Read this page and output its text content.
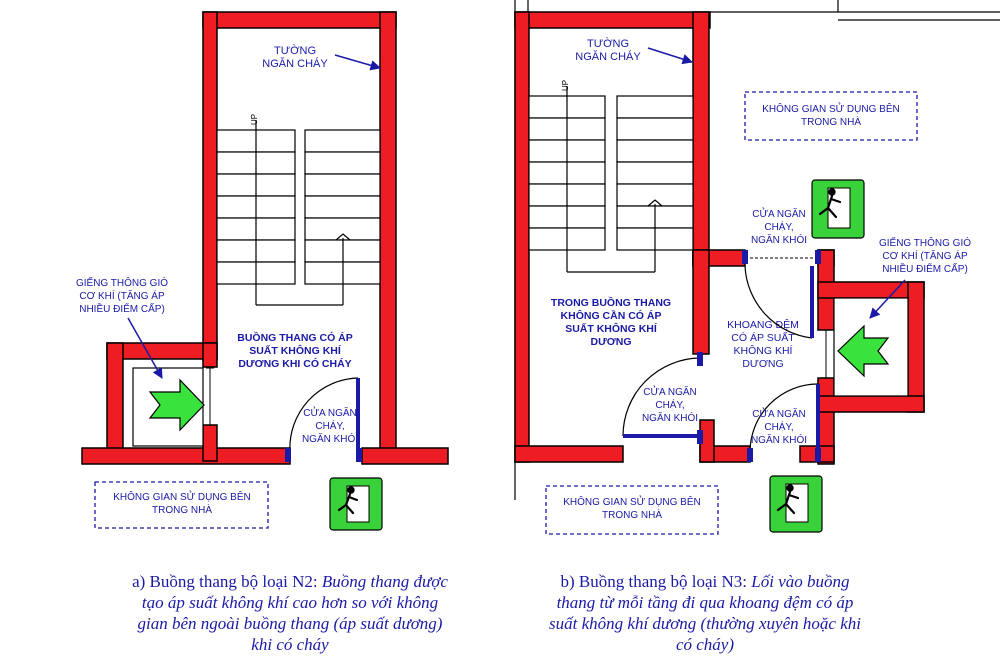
UP
TƯỜNG
NGĂN CHÁY
GIẾNG THÔNG GIÓ
CƠ KHÍ (TĂNG ÁP
NHIỀU ĐIỂM CẤP)
BUỒNG THANG CÓ ÁP
SUẤT KHÔNG KHÍ
DƯƠNG KHI CÓ CHÁY
CỬA NGĂN
CHÁY,
NGĂN KHÓI
KHÔNG GIAN SỬ DỤNG BÊN
TRONG NHÀ
UP
TƯỜNG
NGĂN CHÁY
KHÔNG GIAN SỬ DỤNG BÊN
TRONG NHÀ
CỬA NGĂN
CHÁY,
NGĂN KHÓI	GIẾNG THÔNG GIÓ
CƠ KHÍ (TĂNG ÁP
NHIỀU ĐIỂM CẤP)
TRONG BUỒNG THANG
KHÔNG CẦN CÓ ÁP
SUẤT KHÔNG KHÍ
DƯƠNG
KHOANG ĐỆM
CÓ ÁP SUẤT
KHÔNG KHÍ
DƯƠNG
CỬA NGĂN
CHÁY,
NGĂN KHÓI	CỬA NGĂN
CHÁY,
NGĂN KHÓI
KHÔNG GIAN SỬ DỤNG BÊN
TRONG NHÀ
a) Buồng thang bộ loại N2: Buồng thang được
tạo áp suất không khí cao hơn so với không
gian bên ngoài buồng thang (áp suất dương)
khi có cháy
b) Buồng thang bộ loại N3: Lối vào buồng
thang từ mỗi tầng đi qua khoang đệm có áp
suất không khí dương (thường xuyên hoặc khi
có cháy)
